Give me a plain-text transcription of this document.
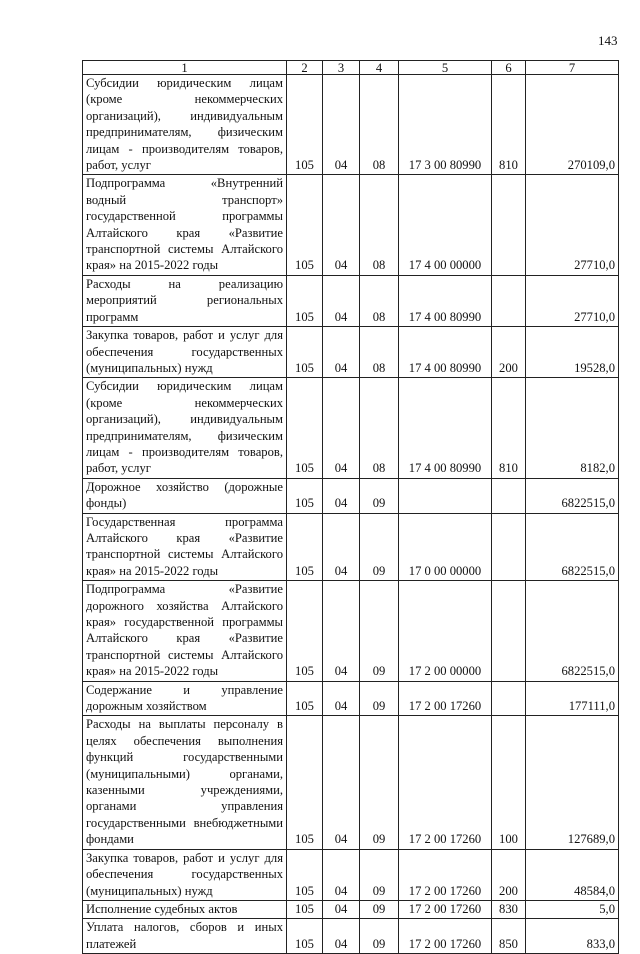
143
1	2	3	4	5	6	7
Субсидии юридическим лицам (кроме некоммерческих организаций), индивидуальным предпринимателям, физическим лицам - производителям товаров, работ, услуг	105	04	08	17 3 00 80990	810	270109,0
Подпрограмма «Внутренний водный транспорт» государственной программы Алтайского края «Развитие транспортной системы Алтайского края» на 2015-2022 годы	105	04	08	17 4 00 00000		27710,0
Расходы на реализацию мероприятий региональных программ	105	04	08	17 4 00 80990		27710,0
Закупка товаров, работ и услуг для обеспечения государственных (муниципальных) нужд	105	04	08	17 4 00 80990	200	19528,0
Субсидии юридическим лицам (кроме некоммерческих организаций), индивидуальным предпринимателям, физическим лицам - производителям товаров, работ, услуг	105	04	08	17 4 00 80990	810	8182,0
Дорожное хозяйство (дорожные фонды)	105	04	09			6822515,0
Государственная программа Алтайского края «Развитие транспортной системы Алтайского края» на 2015-2022 годы	105	04	09	17 0 00 00000		6822515,0
Подпрограмма «Развитие дорожного хозяйства Алтайского края» государственной программы Алтайского края «Развитие транспортной системы Алтайского края» на 2015-2022 годы	105	04	09	17 2 00 00000		6822515,0
Содержание и управление дорожным хозяйством	105	04	09	17 2 00 17260		177111,0
Расходы на выплаты персоналу в целях обеспечения выполнения функций государственными (муниципальными) органами, казенными учреждениями, органами управления государственными внебюджетными фондами	105	04	09	17 2 00 17260	100	127689,0
Закупка товаров, работ и услуг для обеспечения государственных (муниципальных) нужд	105	04	09	17 2 00 17260	200	48584,0
Исполнение судебных актов	105	04	09	17 2 00 17260	830	5,0
Уплата налогов, сборов и иных платежей	105	04	09	17 2 00 17260	850	833,0
